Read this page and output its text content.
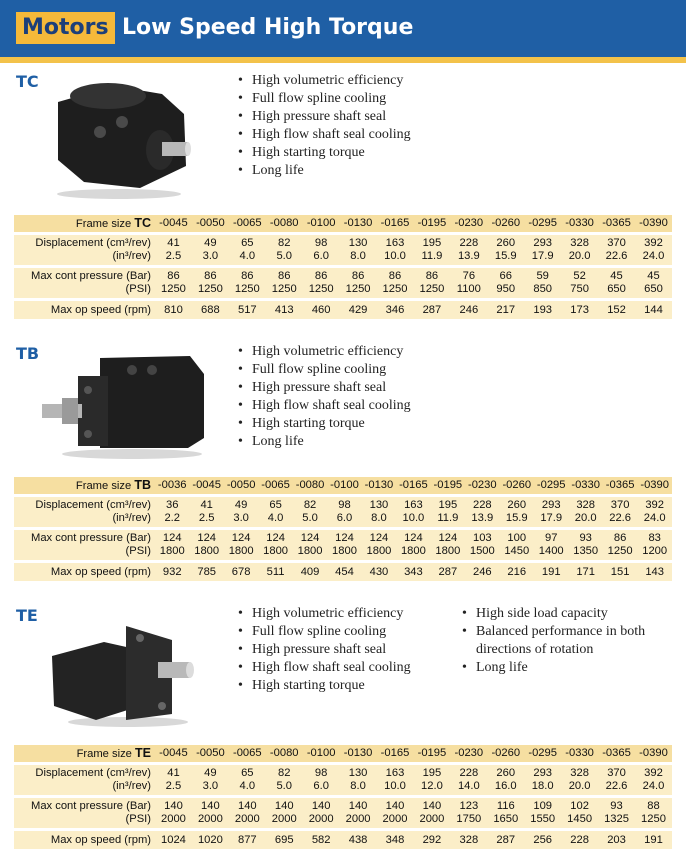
Motors Low Speed High Torque
TC	• High volumetric efficiency
• Full flow spline cooling
• High pressure shaft seal
• High flow shaft seal cooling
• High starting torque
• Long life
Frame size TC	-0045	-0050	-0065	-0080	-0100	-0130	-0165	-0195	-0230	-0260	-0295	-0330	-0365	-0390

Displacement (cm³/rev)	41	49	65	82	98	130	163	195	228	260	293	328	370	392
(in³/rev)	2.5	3.0	4.0	5.0	6.0	8.0	10.0	11.9	13.9	15.9	17.9	20.0	22.6	24.0

Max cont pressure (Bar)	86	86	86	86	86	86	86	86	76	66	59	52	45	45
(PSI)	1250	1250	1250	1250	1250	1250	1250	1250	1100	950	850	750	650	650

Max op speed (rpm)	810	688	517	413	460	429	346	287	246	217	193	173	152	144
TB	• High volumetric efficiency
• Full flow spline cooling
• High pressure shaft seal
• High flow shaft seal cooling
• High starting torque
• Long life
Frame size TB	-0036	-0045	-0050	-0065	-0080	-0100	-0130	-0165	-0195	-0230	-0260	-0295	-0330	-0365	-0390

Displacement (cm³/rev)	36	41	49	65	82	98	130	163	195	228	260	293	328	370	392
(in³/rev)	2.2	2.5	3.0	4.0	5.0	6.0	8.0	10.0	11.9	13.9	15.9	17.9	20.0	22.6	24.0

Max cont pressure (Bar)	124	124	124	124	124	124	124	124	124	103	100	97	93	86	83
(PSI)	1800	1800	1800	1800	1800	1800	1800	1800	1800	1500	1450	1400	1350	1250	1200

Max op speed (rpm)	932	785	678	511	409	454	430	343	287	246	216	191	171	151	143
TE	• High volumetric efficiency
• Full flow spline cooling
• High pressure shaft seal
• High flow shaft seal cooling
• High starting torque
• High side load capacity
• Balanced performance in both directions of rotation
• Long life
Frame size TE	-0045	-0050	-0065	-0080	-0100	-0130	-0165	-0195	-0230	-0260	-0295	-0330	-0365	-0390

Displacement (cm³/rev)	41	49	65	82	98	130	163	195	228	260	293	328	370	392
(in³/rev)	2.5	3.0	4.0	5.0	6.0	8.0	10.0	12.0	14.0	16.0	18.0	20.0	22.6	24.0

Max cont pressure (Bar)	140	140	140	140	140	140	140	140	123	116	109	102	93	88
(PSI)	2000	2000	2000	2000	2000	2000	2000	2000	1750	1650	1550	1450	1325	1250

Max op speed (rpm)	1024	1020	877	695	582	438	348	292	328	287	256	228	203	191
